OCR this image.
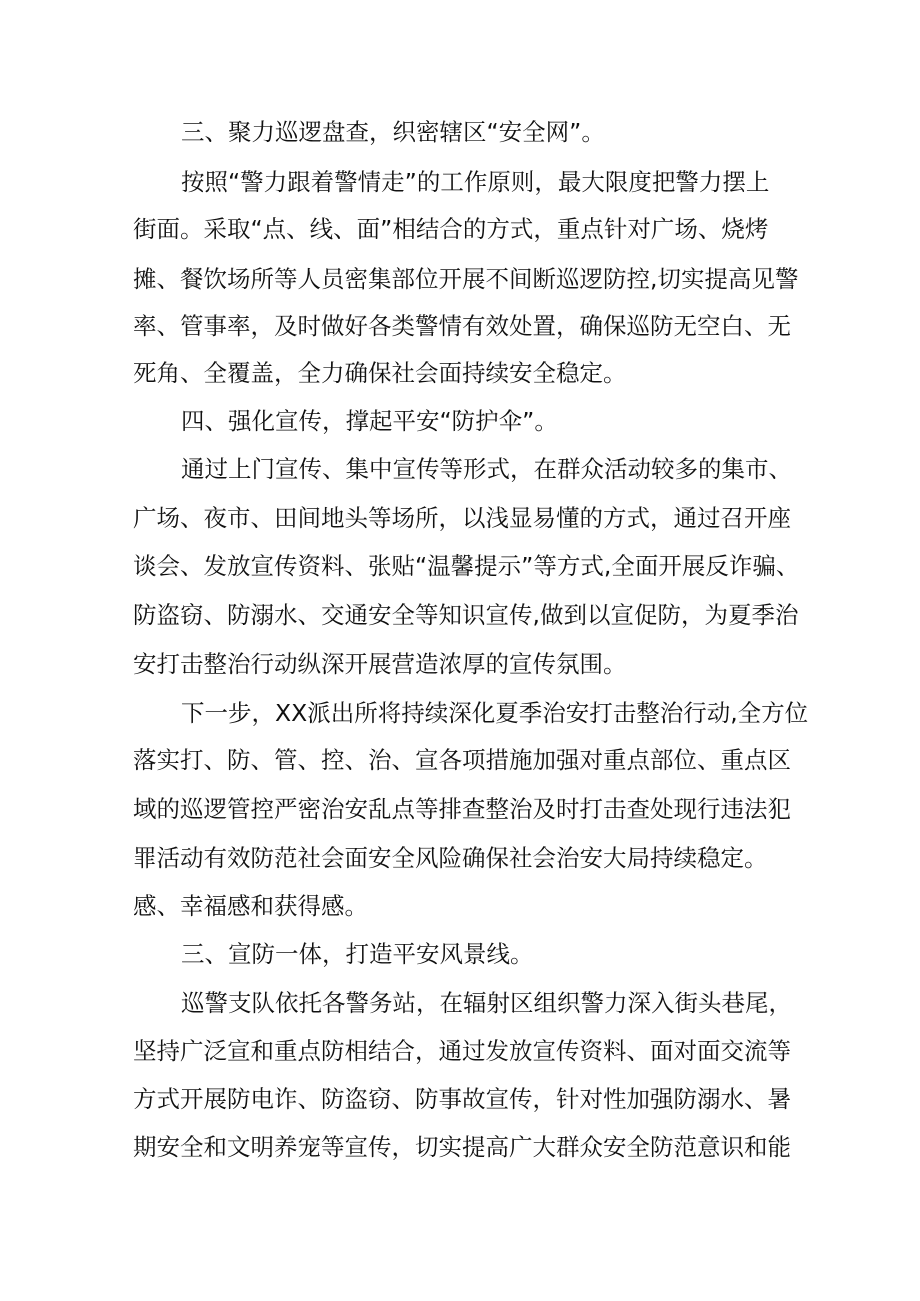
三、聚力巡逻盘查，织密辖区“安全网”。
按照“警力跟着警情走”的工作原则，最大限度把警力摆上
街面。采取“点、线、面”相结合的方式，重点针对广场、烧烤
摊、餐饮场所等人员密集部位开展不间断巡逻防控,切实提高见警
率、管事率，及时做好各类警情有效处置，确保巡防无空白、无
死角、全覆盖，全力确保社会面持续安全稳定。
四、强化宣传，撑起平安“防护伞”。
通过上门宣传、集中宣传等形式，在群众活动较多的集市、
广场、夜市、田间地头等场所，以浅显易懂的方式，通过召开座
谈会、发放宣传资料、张贴“温馨提示”等方式,全面开展反诈骗、
防盗窃、防溺水、交通安全等知识宣传,做到以宣促防，为夏季治
安打击整治行动纵深开展营造浓厚的宣传氛围。
下一步，XX派出所将持续深化夏季治安打击整治行动,全方位
落实打、防、管、控、治、宣各项措施加强对重点部位、重点区
域的巡逻管控严密治安乱点等排查整治及时打击查处现行违法犯
罪活动有效防范社会面安全风险确保社会治安大局持续稳定。
感、幸福感和获得感。
三、宣防一体，打造平安风景线。
巡警支队依托各警务站，在辐射区组织警力深入街头巷尾，
坚持广泛宣和重点防相结合，通过发放宣传资料、面对面交流等
方式开展防电诈、防盗窃、防事故宣传，针对性加强防溺水、暑
期安全和文明养宠等宣传，切实提高广大群众安全防范意识和能
